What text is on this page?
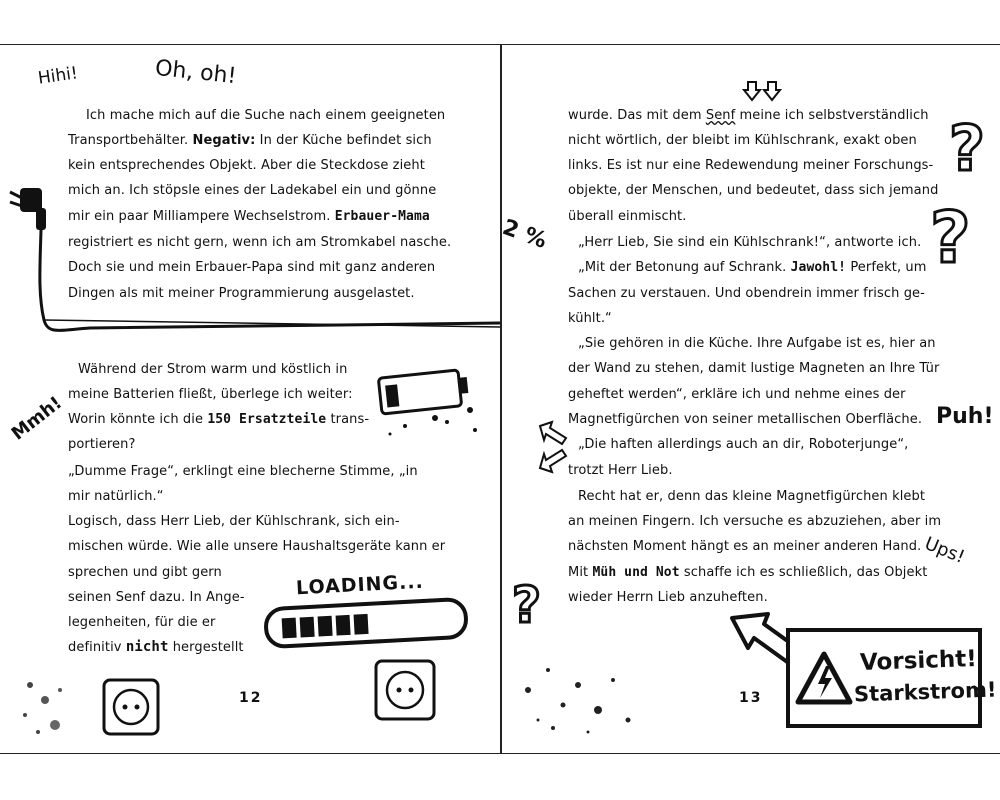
Hihi!	Oh, oh!
Mmh!
Ich mache mich auf die Suche nach einem geeigneten
Transportbehälter. Negativ: In der Küche befindet sich
kein entsprechendes Objekt. Aber die Steckdose zieht
mich an. Ich stöpsle eines der Ladekabel ein und gönne
mir ein paar Milliampere Wechselstrom. Erbauer-Mama
registriert es nicht gern, wenn ich am Stromkabel nasche.
Doch sie und mein Erbauer-Papa sind mit ganz anderen
Dingen als mit meiner Programmierung ausgelastet.
Während der Strom warm und köstlich in
meine Batterien fließt, überlege ich weiter:
Worin könnte ich die 150 Ersatzteile trans-
portieren?
„Dumme Frage“, erklingt eine blecherne Stimme, „in
mir natürlich.“
Logisch, dass Herr Lieb, der Kühlschrank, sich ein-
mischen würde. Wie alle unsere Haushaltsgeräte kann er
sprechen und gibt gern
seinen Senf dazu. In Ange-
legenheiten, für die er
definitiv nicht hergestellt
LOADING...
12
2 %
Puh!
Ups!
?
?
?
wurde. Das mit dem Senf meine ich selbstverständlich
nicht wörtlich, der bleibt im Kühlschrank, exakt oben
links. Es ist nur eine Redewendung meiner Forschungs-
objekte, der Menschen, und bedeutet, dass sich jemand
überall einmischt.
„Herr Lieb, Sie sind ein Kühlschrank!“, antworte ich.
„Mit der Betonung auf Schrank. Jawohl! Perfekt, um
Sachen zu verstauen. Und obendrein immer frisch ge-
kühlt.“
„Sie gehören in die Küche. Ihre Aufgabe ist es, hier an
der Wand zu stehen, damit lustige Magneten an Ihre Tür
geheftet werden“, erkläre ich und nehme eines der
Magnetfigürchen von seiner metallischen Oberfläche.
„Die haften allerdings auch an dir, Roboterjunge“,
trotzt Herr Lieb.
Recht hat er, denn das kleine Magnetfigürchen klebt
an meinen Fingern. Ich versuche es abzuziehen, aber im
nächsten Moment hängt es an meiner anderen Hand.
Mit Müh und Not schaffe ich es schließlich, das Objekt
wieder Herrn Lieb anzuheften.
Vorsicht!
Starkstrom!
13
